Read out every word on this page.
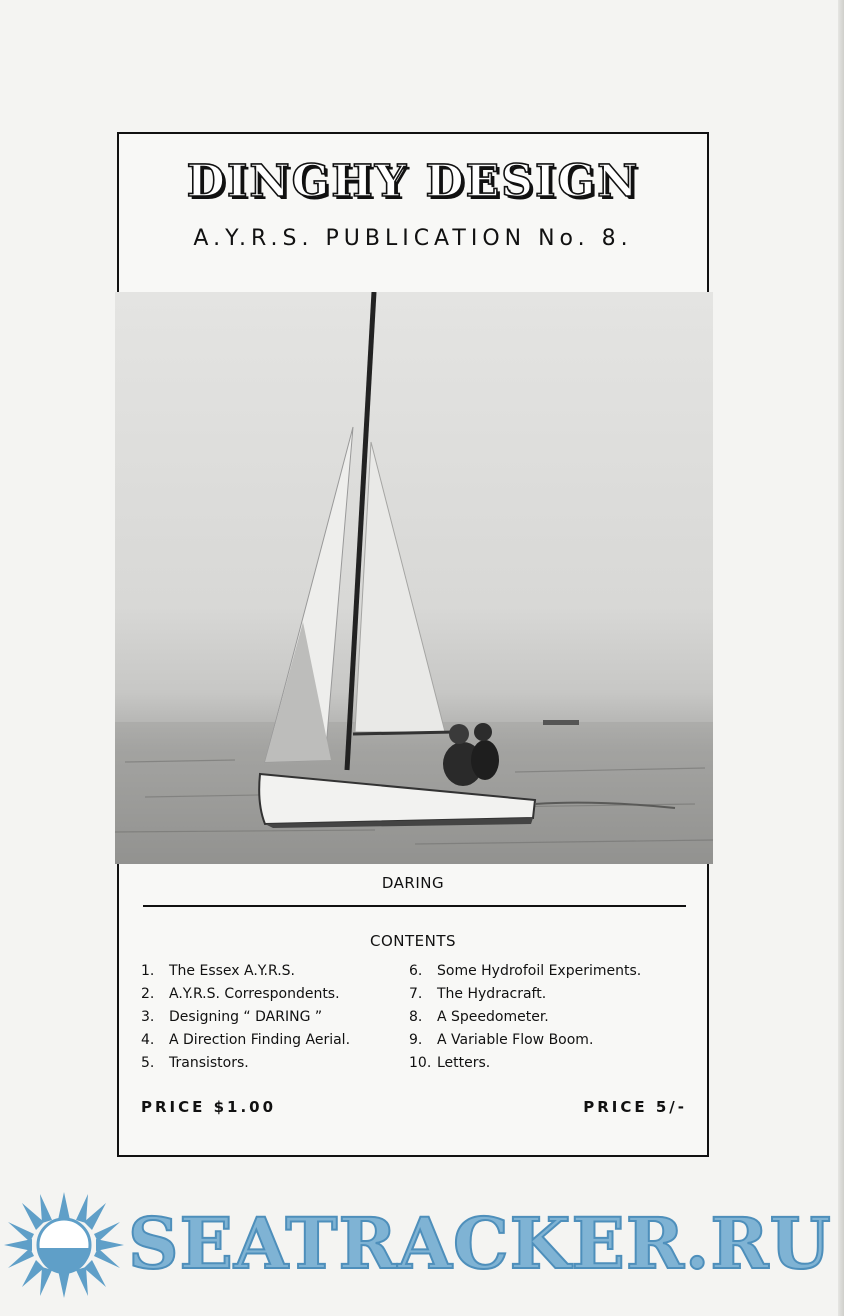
DINGHY DESIGN
A.Y.R.S. PUBLICATION No. 8.
DARING
CONTENTS
1.	The Essex A.Y.R.S.
2.	A.Y.R.S. Correspondents.
3.	Designing “ DARING ”
4.	A Direction Finding Aerial.
5.	Transistors.
6.	Some Hydrofoil Experiments.
7.	The Hydracraft.
8.	A Speedometer.
9.	A Variable Flow Boom.
10. Letters.
PRICE $1.00	PRICE 5/-
SEATRACKER.RU
